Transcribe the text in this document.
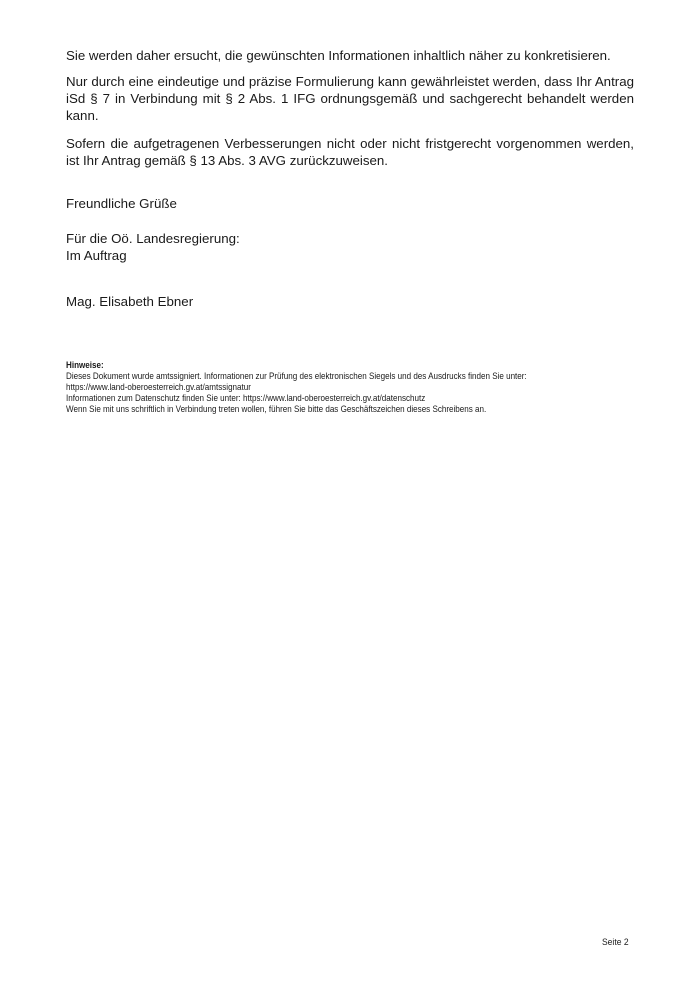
Sie werden daher ersucht, die gewünschten Informationen inhaltlich näher zu konkretisieren.

Nur durch eine eindeutige und präzise Formulierung kann gewährleistet werden, dass Ihr Antrag iSd § 7 in Verbindung mit § 2 Abs. 1 IFG ordnungsgemäß und sachgerecht behandelt werden kann.

Sofern die aufgetragenen Verbesserungen nicht oder nicht fristgerecht vorgenommen werden, ist Ihr Antrag gemäß § 13 Abs. 3 AVG zurückzuweisen.

Freundliche Grüße

Für die Oö. Landesregierung:

Im Auftrag

Mag. Elisabeth Ebner

Hinweise:
Dieses Dokument wurde amtssigniert. Informationen zur Prüfung des elektronischen Siegels und des Ausdrucks finden Sie unter:
https://www.land-oberoesterreich.gv.at/amtssignatur
Informationen zum Datenschutz finden Sie unter: https://www.land-oberoesterreich.gv.at/datenschutz
Wenn Sie mit uns schriftlich in Verbindung treten wollen, führen Sie bitte das Geschäftszeichen dieses Schreibens an.
Seite 2
